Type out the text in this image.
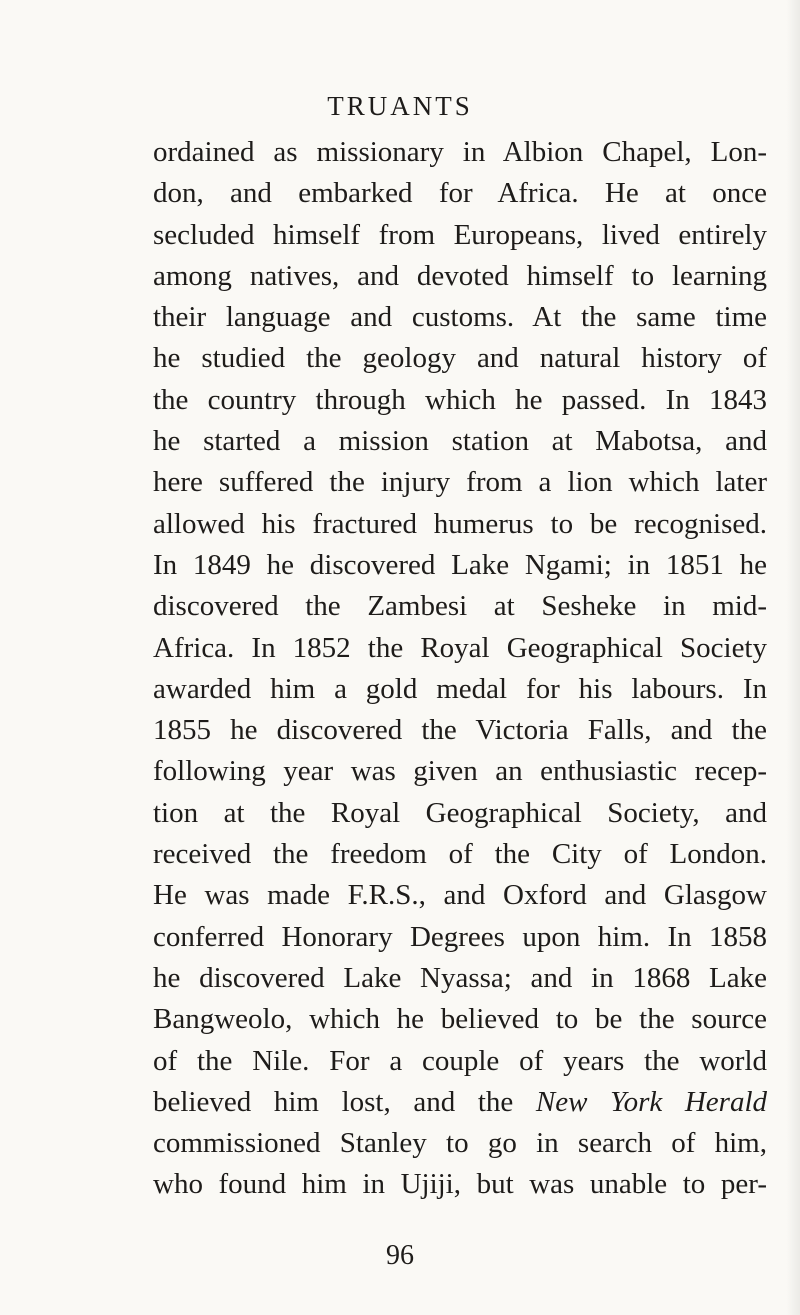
TRUANTS
ordained as missionary in Albion Chapel, Lon-
don, and embarked for Africa. He at once
secluded himself from Europeans, lived entirely
among natives, and devoted himself to learning
their language and customs. At the same time
he studied the geology and natural history of
the country through which he passed. In 1843
he started a mission station at Mabotsa, and
here suffered the injury from a lion which later
allowed his fractured humerus to be recognised.
In 1849 he discovered Lake Ngami; in 1851 he
discovered the Zambesi at Sesheke in mid-
Africa. In 1852 the Royal Geographical Society
awarded him a gold medal for his labours. In
1855 he discovered the Victoria Falls, and the
following year was given an enthusiastic recep-
tion at the Royal Geographical Society, and
received the freedom of the City of London.
He was made F.R.S., and Oxford and Glasgow
conferred Honorary Degrees upon him. In 1858
he discovered Lake Nyassa; and in 1868 Lake
Bangweolo, which he believed to be the source
of the Nile. For a couple of years the world
believed him lost, and the New York Herald
commissioned Stanley to go in search of him,
who found him in Ujiji, but was unable to per-
96
